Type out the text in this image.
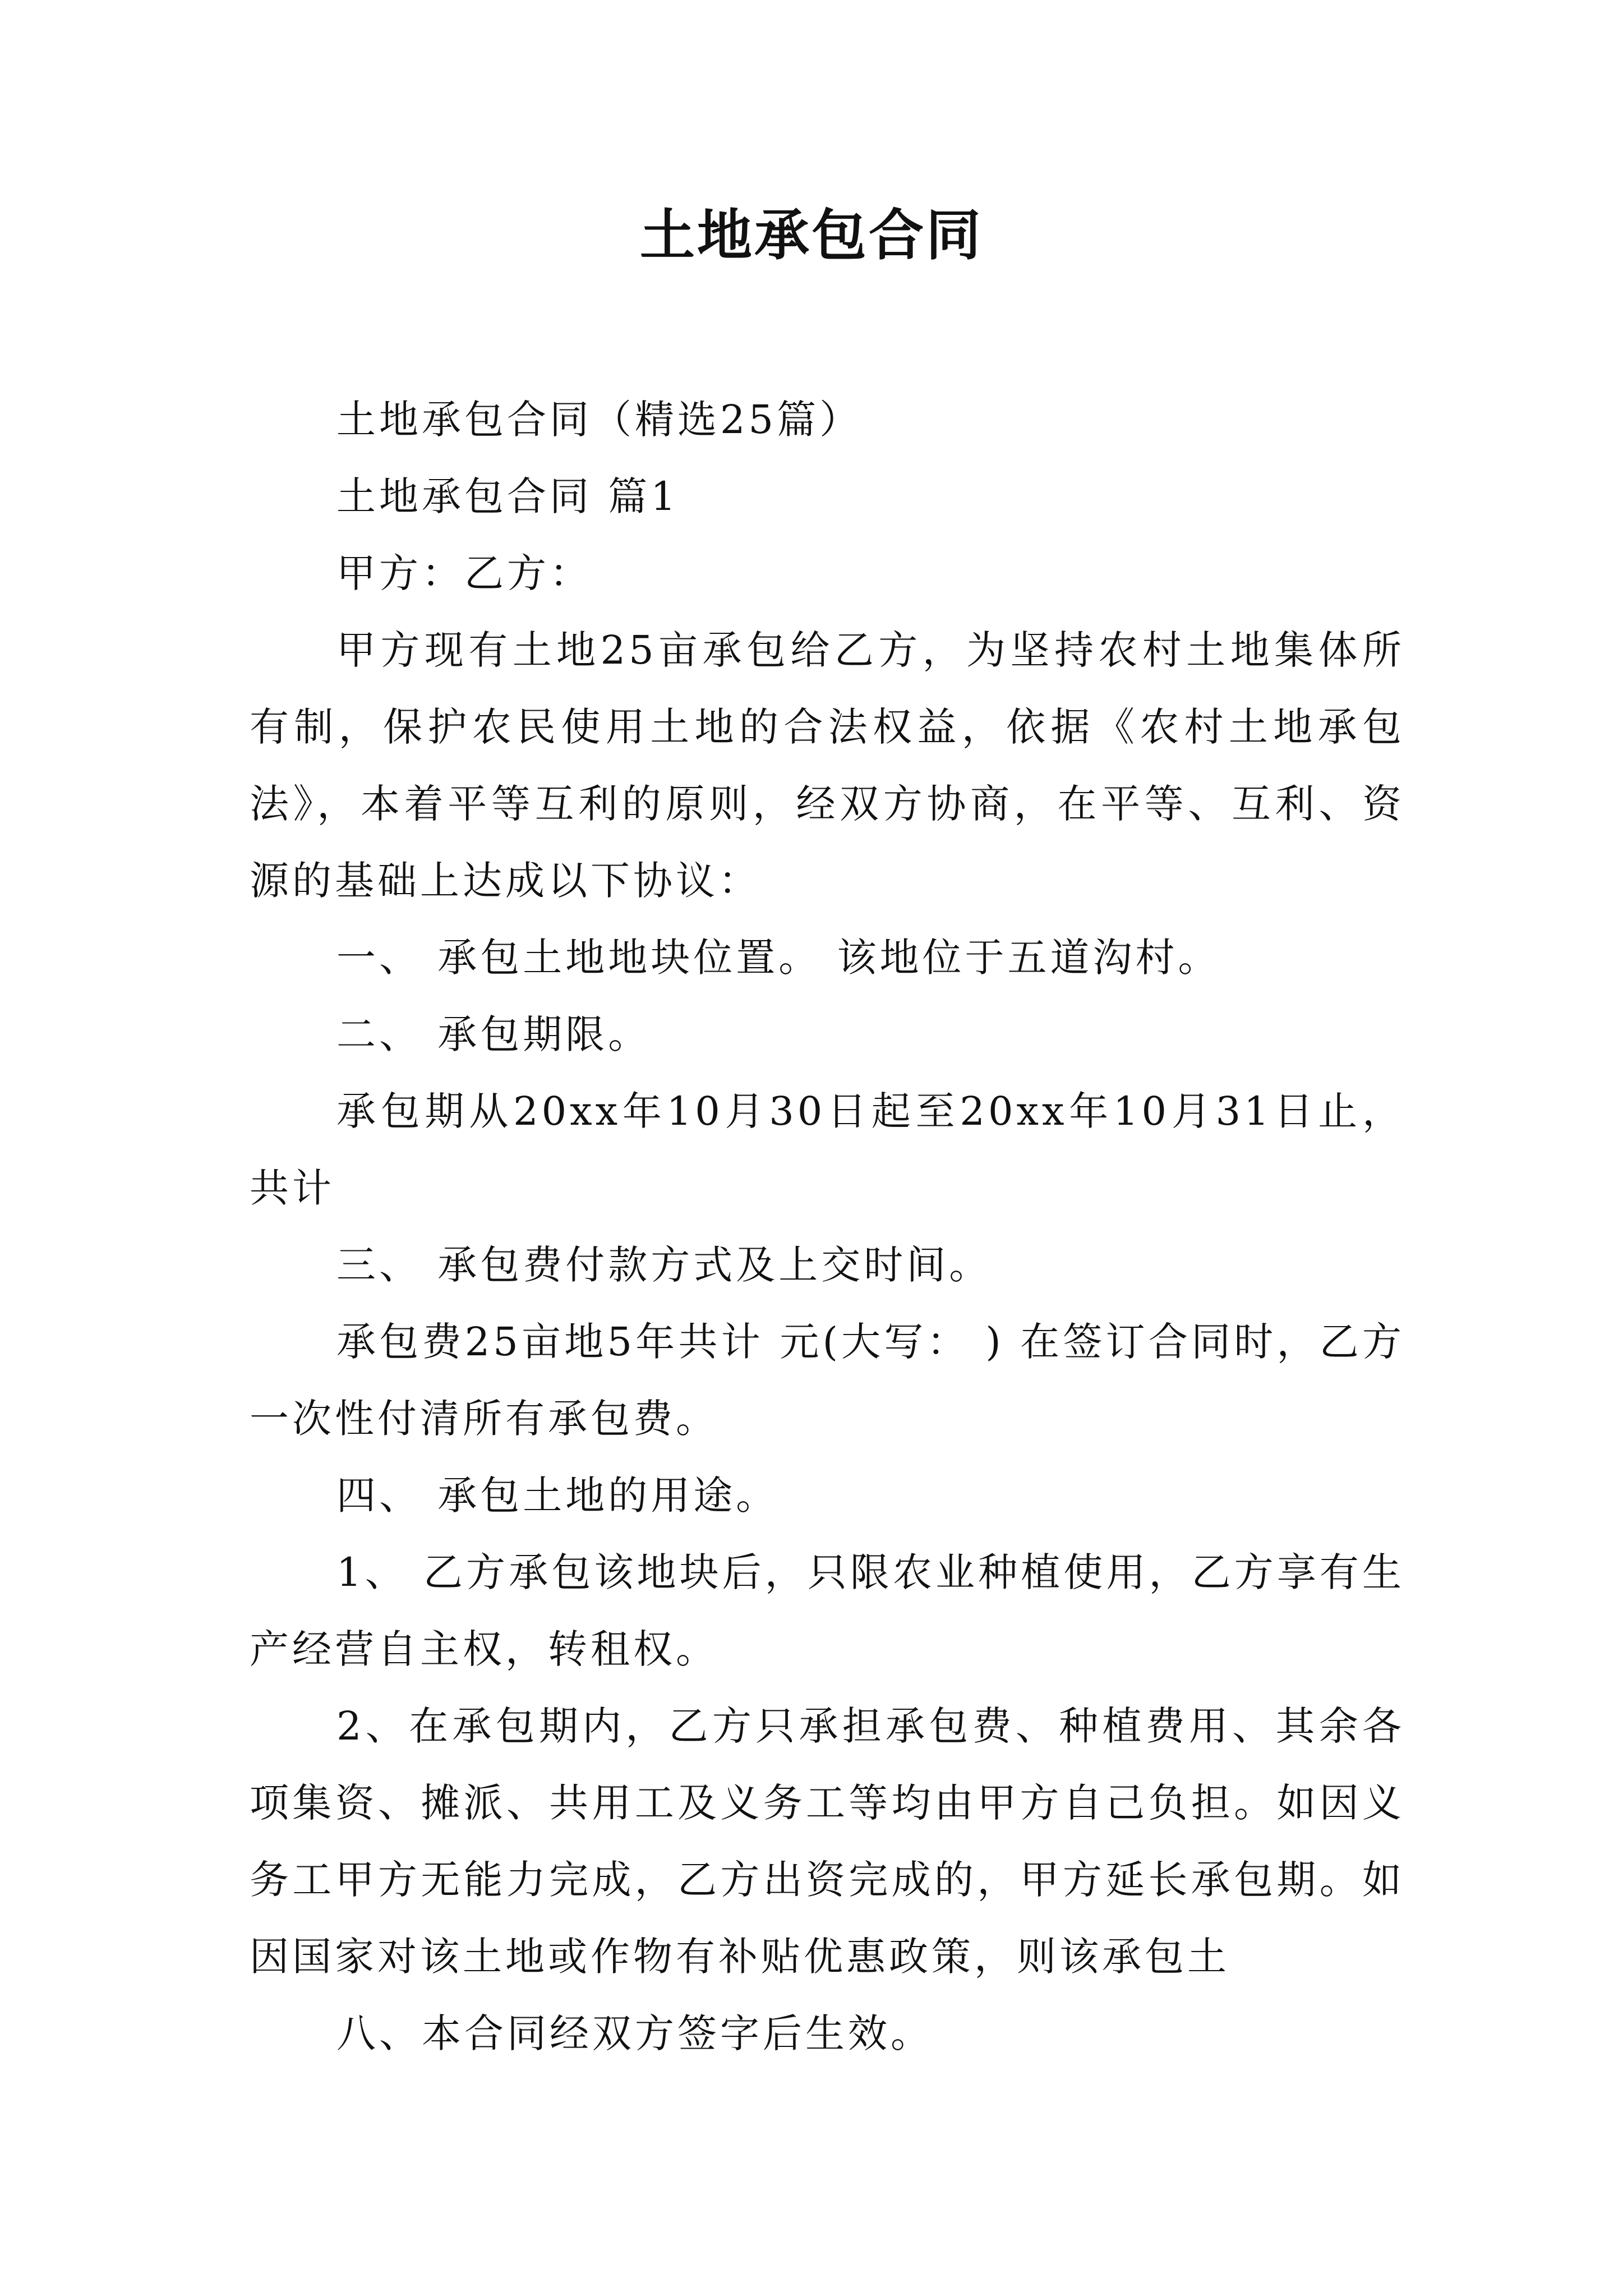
土地承包合同

土地承包合同（精选25篇）

土地承包合同 篇1

甲方：乙方：

甲方现有土地25亩承包给乙方，为坚持农村土地集体所有制，保护农民使用土地的合法权益，依据《农村土地承包法》，本着平等互利的原则，经双方协商，在平等、互利、资源的基础上达成以下协议：

一、 承包土地地块位置。 该地位于五道沟村。

二、 承包期限。

承包期从20xx年10月30日起至20xx年10月31日止，共计

三、 承包费付款方式及上交时间。

承包费25亩地5年共计 元(大写： ) 在签订合同时，乙方一次性付清所有承包费。

四、 承包土地的用途。

1、 乙方承包该地块后，只限农业种植使用，乙方享有生产经营自主权，转租权。

2、在承包期内，乙方只承担承包费、种植费用、其余各项集资、摊派、共用工及义务工等均由甲方自己负担。如因义务工甲方无能力完成，乙方出资完成的，甲方延长承包期。如因国家对该土地或作物有补贴优惠政策，则该承包土

八、本合同经双方签字后生效。
